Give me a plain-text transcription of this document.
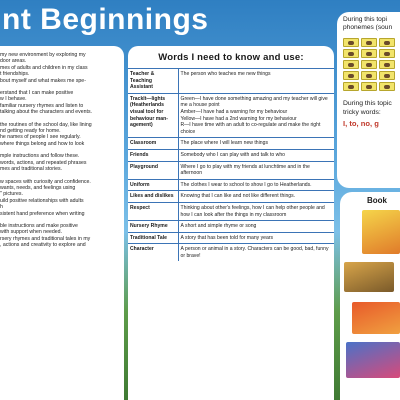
nt Beginnings
my new environment by exploring my
door areas.
mes of adults and children in my class
t friendships.
bout myself and what makes me spe-
erstand that I can make positive
w I behave.
familiar nursery rhymes and listen to
talking about the characters and events.
the routines of the school day, like lining
nd getting ready for home.
he names of people I see regularly.
where things belong and how to look
mple instructions and follow these.
words, actions, and repeated phrases
mes and traditional stories.
w spaces with curiosity and confidence.
wants, needs, and feelings using
" pictures.
uild positive relationships with adults
h
sistent hand preference when writing
ble instructions and make positive
with support when needed.
rsery rhymes and traditional tales in my
, actions and creativity to explore and
Words I need to know and use:
Teacher & Teaching Assistant	The person who teaches me new things
Tracklt—lights (Heatherlands visual tool for behaviour man-agement)	Green—I have done something amazing and my teacher will give me a house point
Amber—I have had a warning for my behaviour
Yellow—I have had a 2nd warning for my behaviour
R—I have time with an adult to co-regulate and make the right choice
Classroom	The place where I will learn new things
Friends	Somebody who I can play with and talk to who
Playground	Where I go to play with my friends at lunchtime and in the afternoon
Uniform	The clothes I wear to school to show I go to Heatherlands.
Likes and dislikes	Knowing that I can like and not like different things.
Respect	Thinking about other's feelings, how I can help other people and how I can look after the things in my classroom
Nursery Rhyme	A short and simple rhyme or song
Traditional Tale	A story that has been told for many years
Character	A person or animal in a story. Characters can be good, bad, funny or brave!
During this topi
phonemes (soun
During this topic
tricky words:
I, to, no, g
Book
